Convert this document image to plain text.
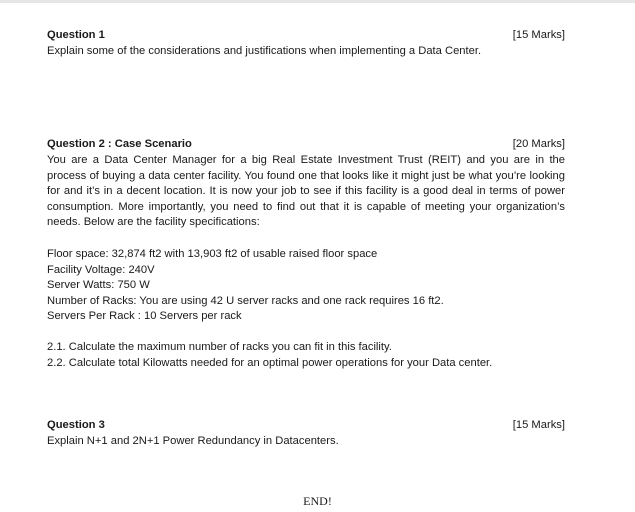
Question 1	[15 Marks]
Explain some of the considerations and justifications when implementing a Data Center.
Question 2 : Case Scenario	[20 Marks]

You are a Data Center Manager for a big Real Estate Investment Trust (REIT) and you are in the process of buying a data center facility. You found one that looks like it might just be what you’re looking for and it’s in a decent location. It is now your job to see if this facility is a good deal in terms of power consumption. More importantly, you need to find out that it is capable of meeting your organization’s needs. Below are the facility specifications:

Floor space: 32,874 ft2 with 13,903 ft2 of usable raised floor space
Facility Voltage: 240V
Server Watts: 750 W
Number of Racks: You are using 42 U server racks and one rack requires 16 ft2.
Servers Per Rack : 10 Servers per rack
2.1. Calculate the maximum number of racks you can fit in this facility.
2.2. Calculate total Kilowatts needed for an optimal power operations for your Data center.
Question 3	[15 Marks]
Explain N+1 and 2N+1 Power Redundancy in Datacenters.
END!
